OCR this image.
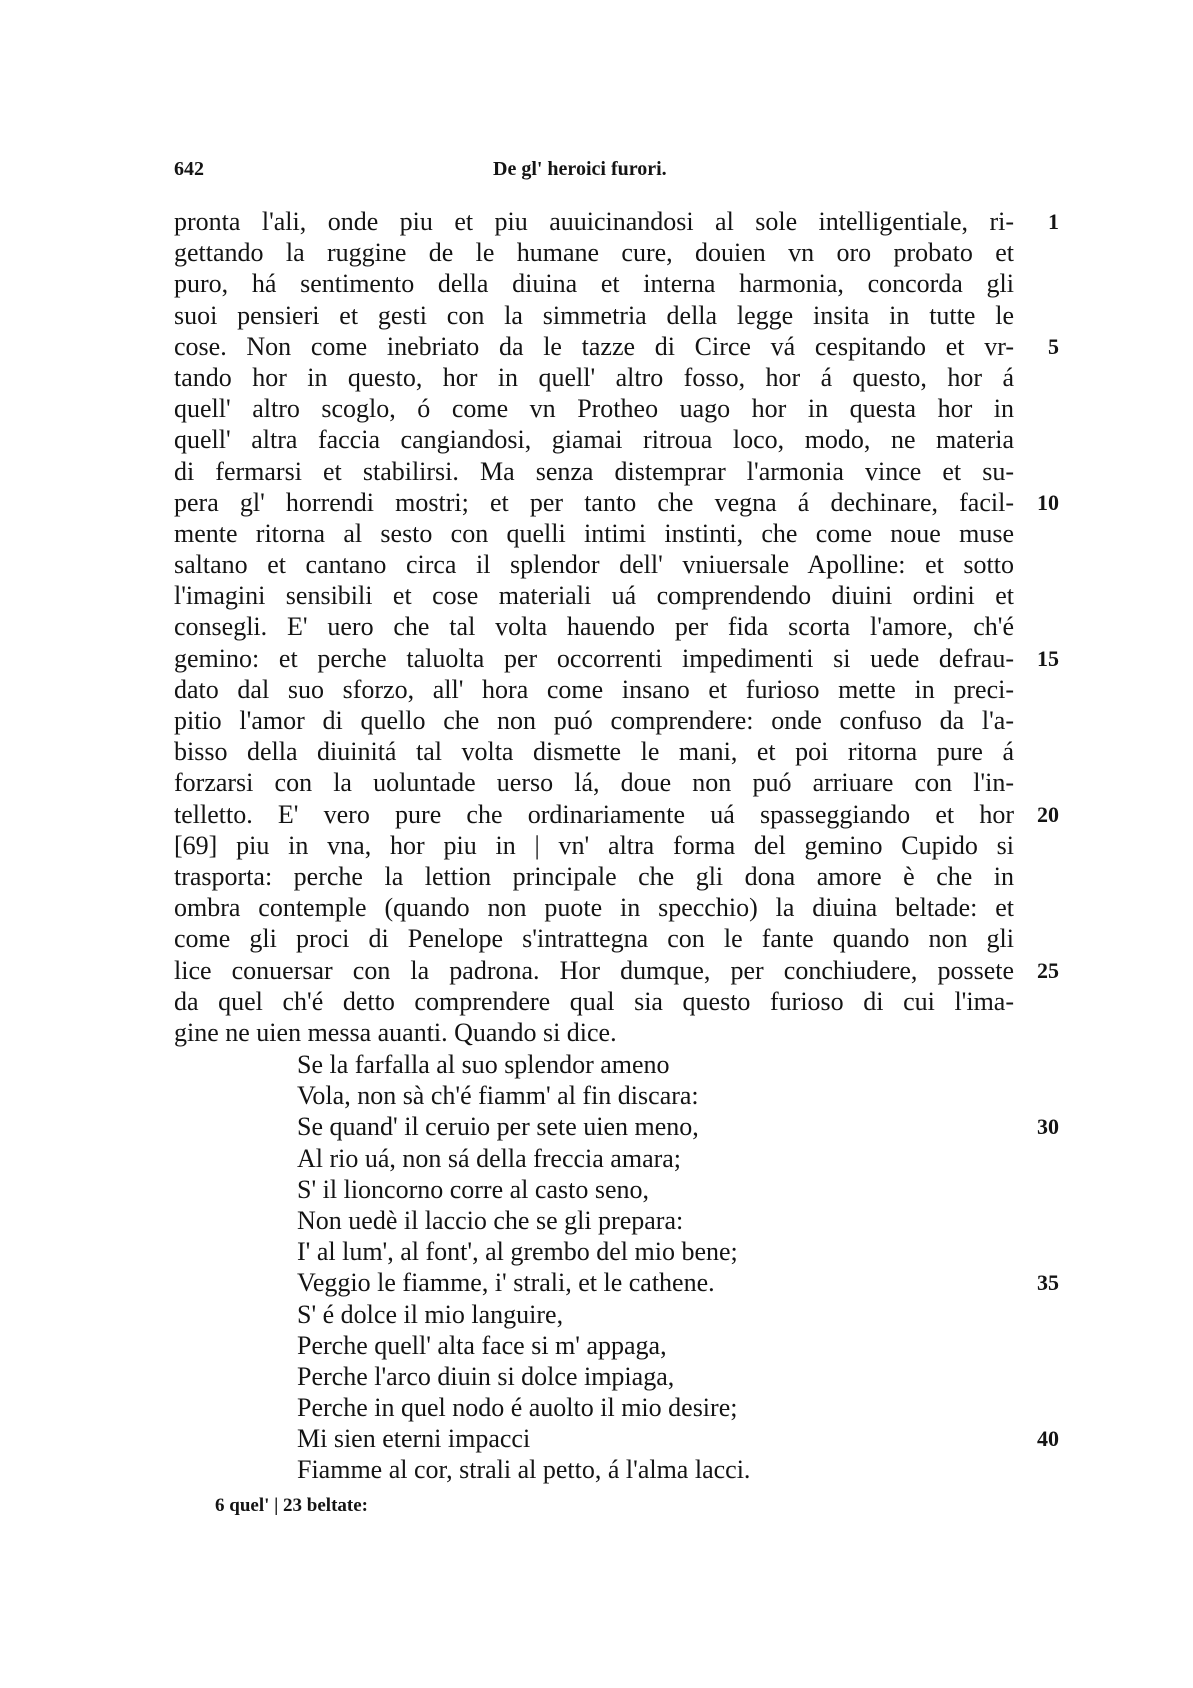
642	De gl' heroici furori.
pronta l'ali, onde piu et piu auuicinandosi al sole intelligentiale, ri-	1
gettando la ruggine de le humane cure, douien vn oro probato et
puro, há sentimento della diuina et interna harmonia, concorda gli
suoi pensieri et gesti con la simmetria della legge insita in tutte le
cose. Non come inebriato da le tazze di Circe vá cespitando et vr-	5
tando hor in questo, hor in quell' altro fosso, hor á questo, hor á
quell' altro scoglo, ó come vn Protheo uago hor in questa hor in
quell' altra faccia cangiandosi, giamai ritroua loco, modo, ne materia
di fermarsi et stabilirsi. Ma senza distemprar l'armonia vince et su-
pera gl' horrendi mostri; et per tanto che vegna á dechinare, facil-	10
mente ritorna al sesto con quelli intimi instinti, che come noue muse
saltano et cantano circa il splendor dell' vniuersale Apolline: et sotto
l'imagini sensibili et cose materiali uá comprendendo diuini ordini et
consegli. E' uero che tal volta hauendo per fida scorta l'amore, ch'é
gemino: et perche taluolta per occorrenti impedimenti si uede defrau-	15
dato dal suo sforzo, all' hora come insano et furioso mette in preci-
pitio l'amor di quello che non puó comprendere: onde confuso da l'a-
bisso della diuinitá tal volta dismette le mani, et poi ritorna pure á
forzarsi con la uoluntade uerso lá, doue non puó arriuare con l'in-
telletto. E' vero pure che ordinariamente uá spasseggiando et hor	20
[69] piu in vna, hor piu in | vn' altra forma del gemino Cupido si
trasporta: perche la lettion principale che gli dona amore è che in
ombra contemple (quando non puote in specchio) la diuina beltade: et
come gli proci di Penelope s'intrattegna con le fante quando non gli
lice conuersar con la padrona. Hor dumque, per conchiudere, possete	25
da quel ch'é detto comprendere qual sia questo furioso di cui l'ima-
gine ne uien messa auanti. Quando si dice.
Se la farfalla al suo splendor ameno
Vola, non sà ch'é fiamm' al fin discara:
Se quand' il ceruio per sete uien meno,	30
Al rio uá, non sá della freccia amara;
S' il lioncorno corre al casto seno,
Non uedè il laccio che se gli prepara:
I' al lum', al font', al grembo del mio bene;
Veggio le fiamme, i' strali, et le cathene.	35
S' é dolce il mio languire,
Perche quell' alta face si m' appaga,
Perche l'arco diuin si dolce impiaga,
Perche in quel nodo é auolto il mio desire;
Mi sien eterni impacci	40
Fiamme al cor, strali al petto, á l'alma lacci.
6 quel' | 23 beltate:
